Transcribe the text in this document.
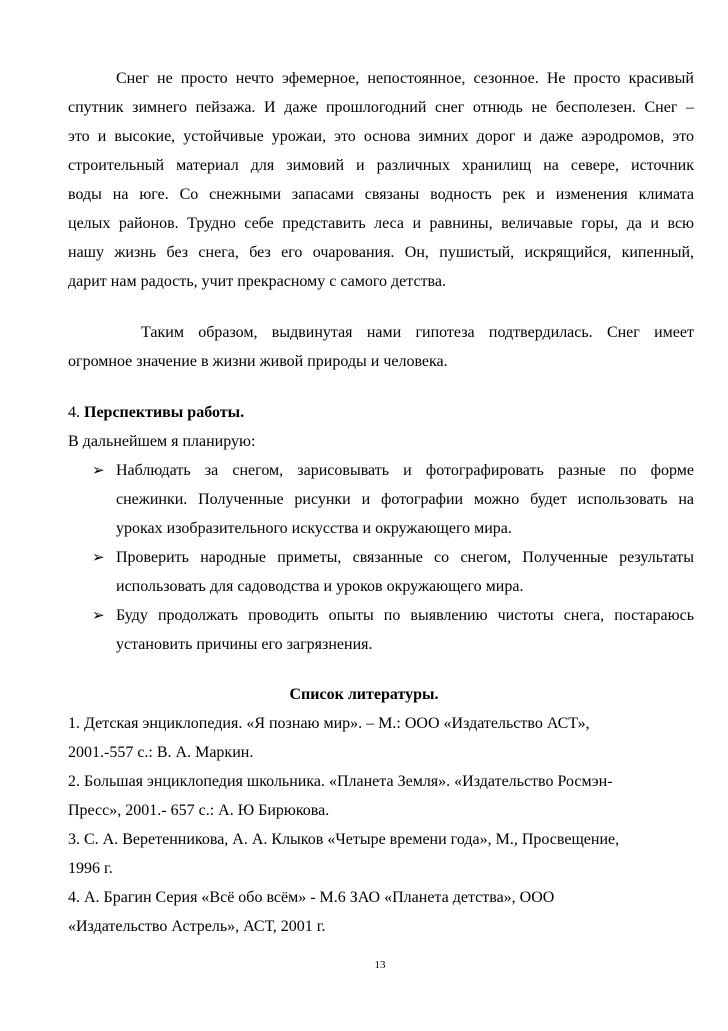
Снег не просто нечто эфемерное, непостоянное, сезонное. Не просто красивый
спутник зимнего пейзажа. И даже прошлогодний снег отнюдь не бесполезен. Снег –
это и высокие, устойчивые урожаи, это основа зимних дорог и даже аэродромов, это
строительный материал для зимовий и различных хранилищ на севере, источник
воды на юге. Со снежными запасами связаны водность рек и изменения климата
целых районов. Трудно себе представить леса и равнины, величавые горы, да и всю
нашу жизнь без снега, без его очарования. Он, пушистый, искрящийся, кипенный,
дарит нам радость, учит прекрасному с самого детства.
Таким образом, выдвинутая нами гипотеза подтвердилась. Снег имеет
огромное значение в жизни живой природы и человека.
4. Перспективы работы.
В дальнейшем я планирую:
➢ Наблюдать за снегом, зарисовывать и фотографировать разные по форме
снежинки. Полученные рисунки и фотографии можно будет использовать на
уроках изобразительного искусства и окружающего мира.
➢ Проверить народные приметы, связанные со снегом, Полученные результаты
использовать для садоводства и уроков окружающего мира.
➢ Буду продолжать проводить опыты по выявлению чистоты снега, постараюсь
установить причины его загрязнения.
Список литературы.
1. Детская энциклопедия. «Я познаю мир». – М.: ООО «Издательство АСТ»,
2001.-557 с.: В. А. Маркин.
2. Большая энциклопедия школьника. «Планета Земля». «Издательство Росмэн-
Пресс», 2001.- 657 с.: А. Ю Бирюкова.
3. С. А. Веретенникова, А. А. Клыков «Четыре времени года», М., Просвещение,
1996 г.
4. А. Брагин Серия «Всё обо всём» - М.6 ЗАО «Планета детства», ООО
«Издательство Астрель», АСТ, 2001 г.
13
